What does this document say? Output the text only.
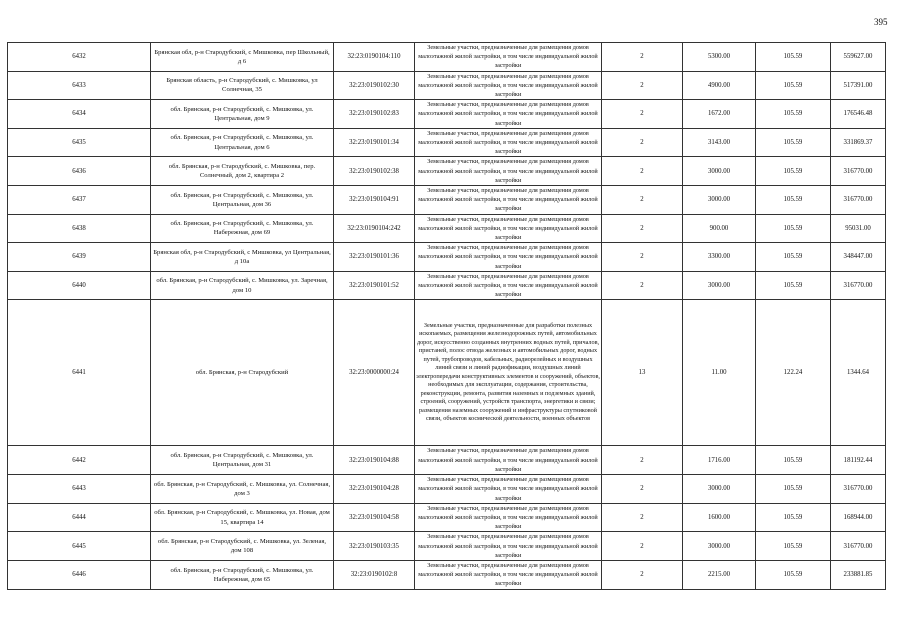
395
6432	Брянская обл, р-н Стародубский, с Мишковка, пер Школьный, д 6	32:23:0190104:110	Земельные участки, предназначенные для размещения домов малоэтажной жилой застройки, в том числе индивидуальной жилой застройки	2	5300.00	105.59	559627.00
6433	Брянская область, р-н Стародубский, с. Мишковка, ул Солнечная, 35	32:23:0190102:30	Земельные участки, предназначенные для размещения домов малоэтажной жилой застройки, в том числе индивидуальной жилой застройки	2	4900.00	105.59	517391.00
6434	обл. Брянская, р-н Стародубский, с. Мишковка, ул. Центральная, дом 9	32:23:0190102:83	Земельные участки, предназначенные для размещения домов малоэтажной жилой застройки, в том числе индивидуальной жилой застройки	2	1672.00	105.59	176546.48
6435	обл. Брянская, р-н Стародубский, с. Мишковка, ул. Центральная, дом 6	32:23:0190101:34	Земельные участки, предназначенные для размещения домов малоэтажной жилой застройки, в том числе индивидуальной жилой застройки	2	3143.00	105.59	331869.37
6436	обл. Брянская, р-н Стародубский, с. Мишковка, пер. Солнечный, дом 2, квартира 2	32:23:0190102:38	Земельные участки, предназначенные для размещения домов малоэтажной жилой застройки, в том числе индивидуальной жилой застройки	2	3000.00	105.59	316770.00
6437	обл. Брянская, р-н Стародубский, с. Мишковка, ул. Центральная, дом 36	32:23:0190104:91	Земельные участки, предназначенные для размещения домов малоэтажной жилой застройки, в том числе индивидуальной жилой застройки	2	3000.00	105.59	316770.00
6438	обл. Брянская, р-н Стародубский, с. Мишковка, ул. Набережная, дом 69	32:23:0190104:242	Земельные участки, предназначенные для размещения домов малоэтажной жилой застройки, в том числе индивидуальной жилой застройки	2	900.00	105.59	95031.00
6439	Брянская обл, р-н Стародубский, с Мишковка, ул Центральная, д 10а	32:23:0190101:36	Земельные участки, предназначенные для размещения домов малоэтажной жилой застройки, в том числе индивидуальной жилой застройки	2	3300.00	105.59	348447.00
6440	обл. Брянская, р-н Стародубский, с. Мишковка, ул. Заречная, дом 10	32:23:0190101:52	Земельные участки, предназначенные для размещения домов малоэтажной жилой застройки, в том числе индивидуальной жилой застройки	2	3000.00	105.59	316770.00
6441	обл. Брянская, р-н Стародубский	32:23:0000000:24	Земельные участки, предназначенные для разработки полезных ископаемых, размещения железнодорожных путей, автомобильных дорог, искусственно созданных внутренних водных путей, причалов, пристаней, полос отвода железных и автомобильных дорог, водных путей, трубопроводов, кабельных, радиорелейных и воздушных линий связи и линий радиофикации, воздушных линий электропередачи конструктивных элементов и сооружений, объектов, необходимых для эксплуатации, содержания, строительства, реконструкции, ремонта, развития наземных и подземных зданий, строений, сооружений, устройств транспорта, энергетики и связи; размещения наземных сооружений и инфраструктуры спутниковой связи, объектов космической деятельности, военных объектов	13	11.00	122.24	1344.64
6442	обл. Брянская, р-н Стародубский, с. Мишковка, ул. Центральная, дом 31	32:23:0190104:88	Земельные участки, предназначенные для размещения домов малоэтажной жилой застройки, в том числе индивидуальной жилой застройки	2	1716.00	105.59	181192.44
6443	обл. Брянская, р-н Стародубский, с. Мишковка, ул. Солнечная, дом 3	32:23:0190104:28	Земельные участки, предназначенные для размещения домов малоэтажной жилой застройки, в том числе индивидуальной жилой застройки	2	3000.00	105.59	316770.00
6444	обл. Брянская, р-н Стародубский, с. Мишковка, ул. Новая, дом 15, квартира 14	32:23:0190104:58	Земельные участки, предназначенные для размещения домов малоэтажной жилой застройки, в том числе индивидуальной жилой застройки	2	1600.00	105.59	168944.00
6445	обл. Брянская, р-н Стародубский, с. Мишковка, ул. Зеленая, дом 108	32:23:0190103:35	Земельные участки, предназначенные для размещения домов малоэтажной жилой застройки, в том числе индивидуальной жилой застройки	2	3000.00	105.59	316770.00
6446	обл. Брянская, р-н Стародубский, с. Мишковка, ул. Набережная, дом 65	32:23:0190102:8	Земельные участки, предназначенные для размещения домов малоэтажной жилой застройки, в том числе индивидуальной жилой застройки	2	2215.00	105.59	233881.85
